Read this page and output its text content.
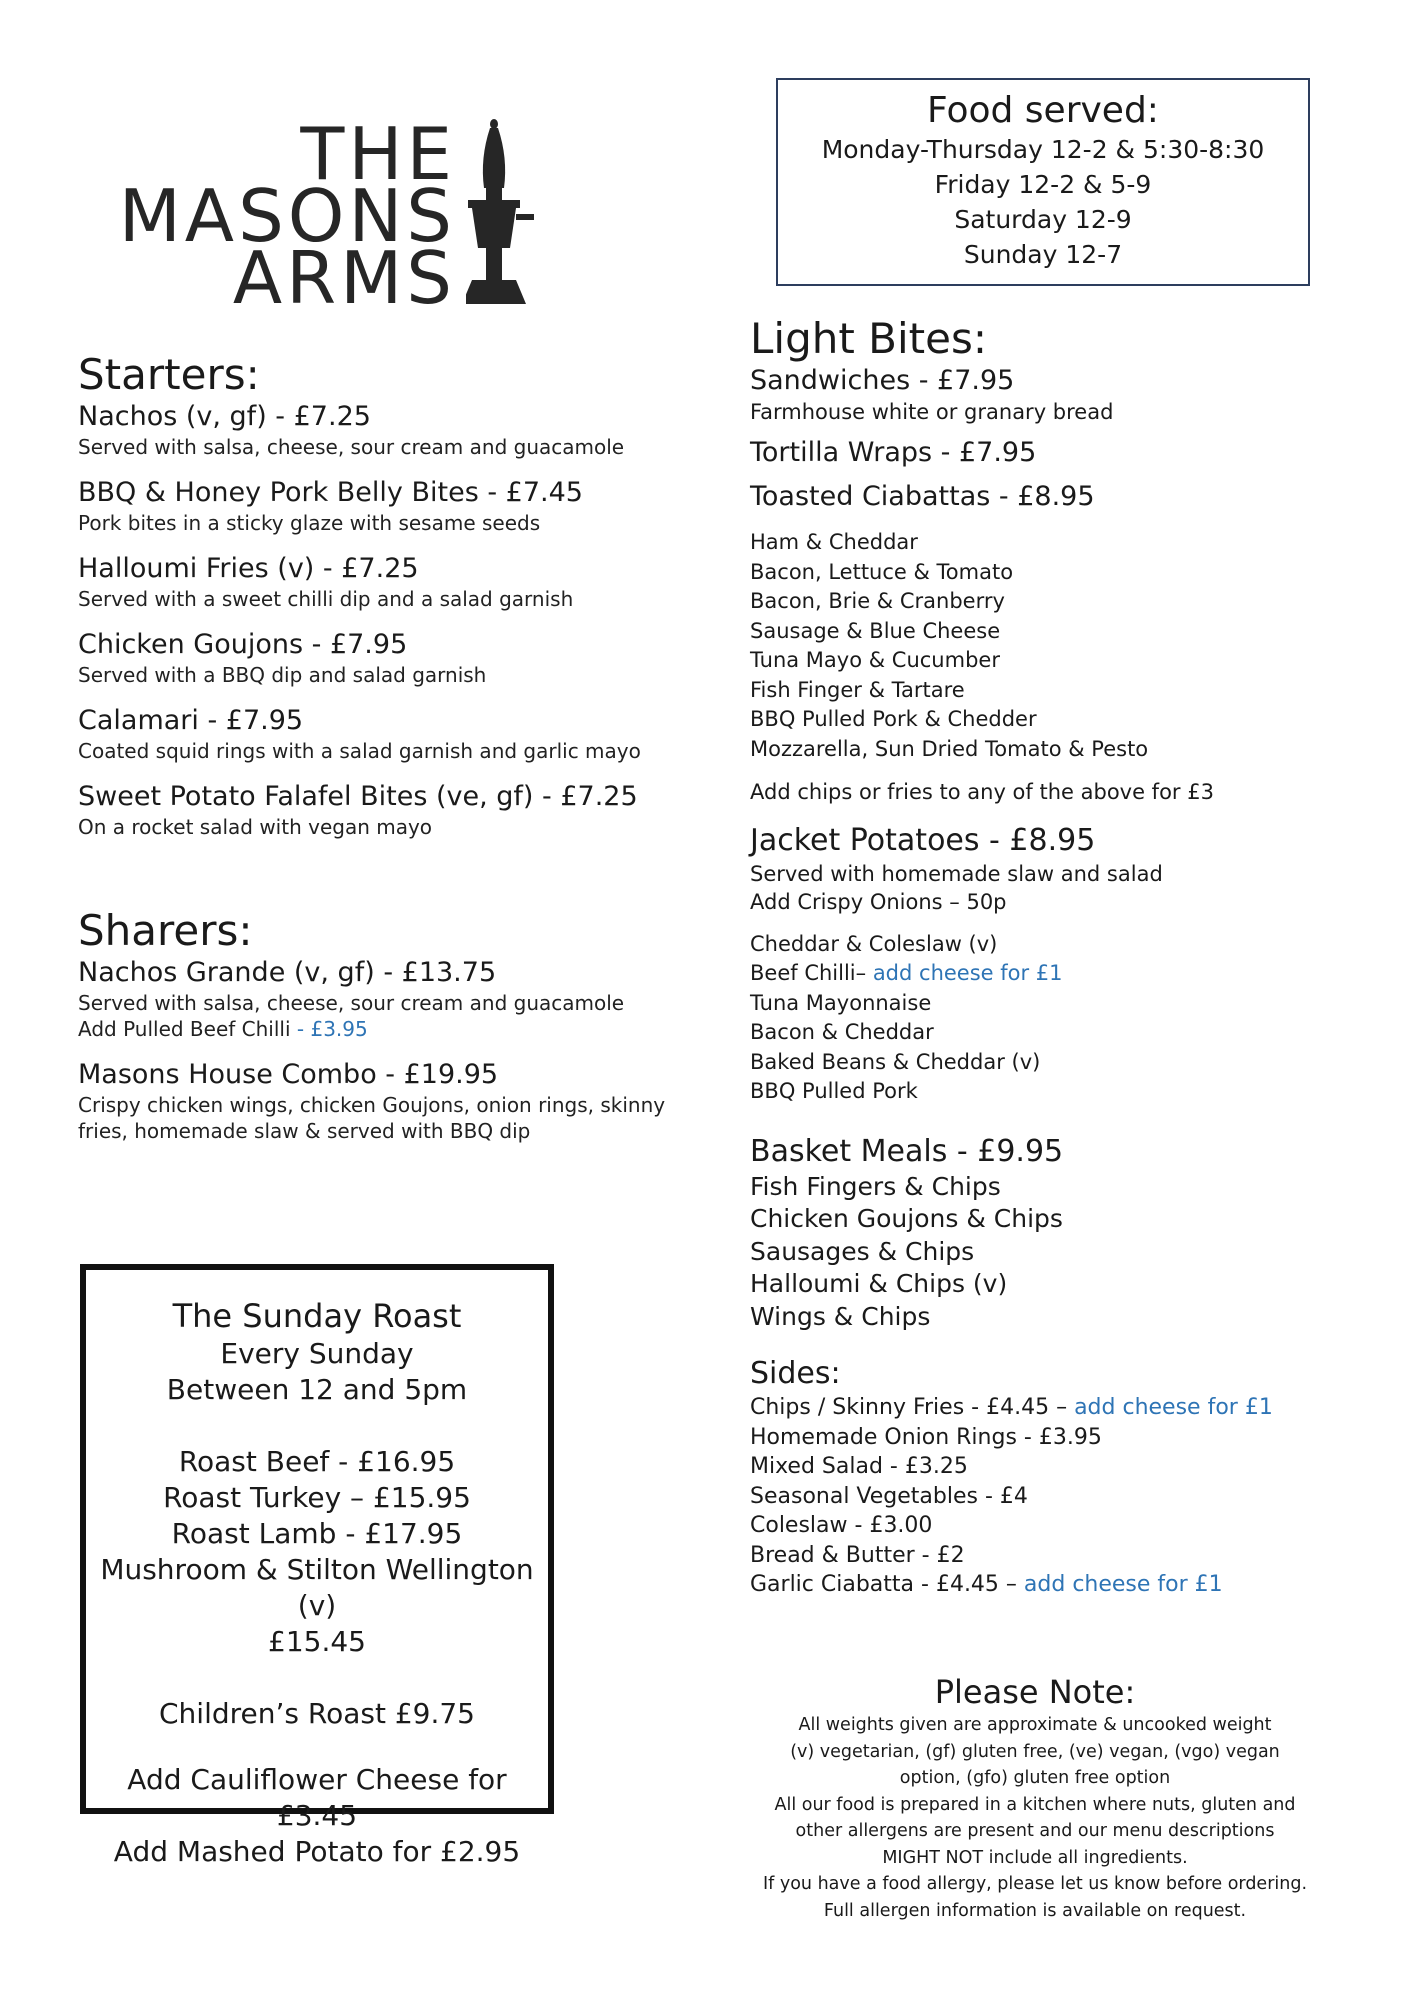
THE
MASONS
ARMS
Food served:
Monday-Thursday 12-2 & 5:30-8:30
Friday 12-2 & 5-9
Saturday 12-9
Sunday 12-7
Starters:
Nachos (v, gf) - £7.25
Served with salsa, cheese, sour cream and guacamole
BBQ & Honey Pork Belly Bites - £7.45
Pork bites in a sticky glaze with sesame seeds
Halloumi Fries (v) - £7.25
Served with a sweet chilli dip and a salad garnish
Chicken Goujons - £7.95
Served with a BBQ dip and salad garnish
Calamari - £7.95
Coated squid rings with a salad garnish and garlic mayo
Sweet Potato Falafel Bites (ve, gf) - £7.25
On a rocket salad with vegan mayo
Sharers:
Nachos Grande (v, gf) - £13.75
Served with salsa, cheese, sour cream and guacamole
Add Pulled Beef Chilli - £3.95
Masons House Combo - £19.95
Crispy chicken wings, chicken Goujons, onion rings, skinny
fries, homemade slaw & served with BBQ dip
The Sunday Roast
Every Sunday
Between 12 and 5pm
Roast Beef - £16.95
Roast Turkey – £15.95
Roast Lamb - £17.95
Mushroom & Stilton Wellington (v)
£15.45
Children’s Roast £9.75
Add Cauliflower Cheese for £3.45
Add Mashed Potato for £2.95
Light Bites:
Sandwiches - £7.95
Farmhouse white or granary bread
Tortilla Wraps - £7.95
Toasted Ciabattas - £8.95
Ham & Cheddar
Bacon, Lettuce & Tomato
Bacon, Brie & Cranberry
Sausage & Blue Cheese
Tuna Mayo & Cucumber
Fish Finger & Tartare
BBQ Pulled Pork & Chedder
Mozzarella, Sun Dried Tomato & Pesto
Add chips or fries to any of the above for £3
Jacket Potatoes - £8.95
Served with homemade slaw and salad
Add Crispy Onions – 50p
Cheddar & Coleslaw (v)
Beef Chilli– add cheese for £1
Tuna Mayonnaise
Bacon & Cheddar
Baked Beans & Cheddar (v)
BBQ Pulled Pork
Basket Meals - £9.95
Fish Fingers & Chips
Chicken Goujons & Chips
Sausages & Chips
Halloumi & Chips (v)
Wings & Chips
Sides:
Chips / Skinny Fries - £4.45 – add cheese for £1
Homemade Onion Rings - £3.95
Mixed Salad - £3.25
Seasonal Vegetables - £4
Coleslaw - £3.00
Bread & Butter - £2
Garlic Ciabatta - £4.45 – add cheese for £1
Please Note:
All weights given are approximate & uncooked weight
(v) vegetarian, (gf) gluten free, (ve) vegan, (vgo) vegan
option, (gfo) gluten free option
All our food is prepared in a kitchen where nuts, gluten and
other allergens are present and our menu descriptions
MIGHT NOT include all ingredients.
If you have a food allergy, please let us know before ordering.
Full allergen information is available on request.
